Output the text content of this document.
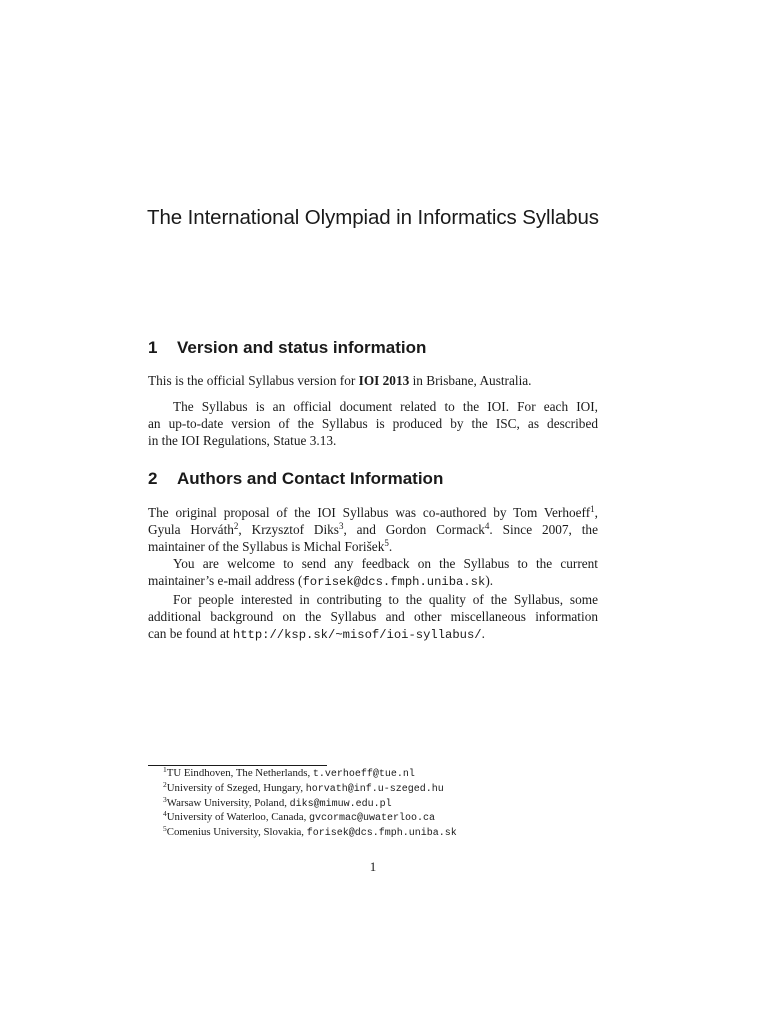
The International Olympiad in Informatics Syllabus
1 Version and status information
This is the official Syllabus version for IOI 2013 in Brisbane, Australia.
The Syllabus is an official document related to the IOI. For each IOI,
an up-to-date version of the Syllabus is produced by the ISC, as described
in the IOI Regulations, Statue 3.13.
2 Authors and Contact Information
The original proposal of the IOI Syllabus was co-authored by Tom Verhoeff$^1$,
Gyula Horváth$^2$, Krzysztof Diks$^3$, and Gordon Cormack$^4$. Since 2007, the
maintainer of the Syllabus is Michal Forišek$^5$.
You are welcome to send any feedback on the Syllabus to the current
maintainer’s e-mail address (forisek@dcs.fmph.uniba.sk).
For people interested in contributing to the quality of the Syllabus, some
additional background on the Syllabus and other miscellaneous information
can be found at http://ksp.sk/~misof/ioi-syllabus/.
$^1$TU Eindhoven, The Netherlands, t.verhoeff@tue.nl
$^2$University of Szeged, Hungary, horvath@inf.u-szeged.hu
$^3$Warsaw University, Poland, diks@mimuw.edu.pl
$^4$University of Waterloo, Canada, gvcormac@uwaterloo.ca
$^5$Comenius University, Slovakia, forisek@dcs.fmph.uniba.sk
1
